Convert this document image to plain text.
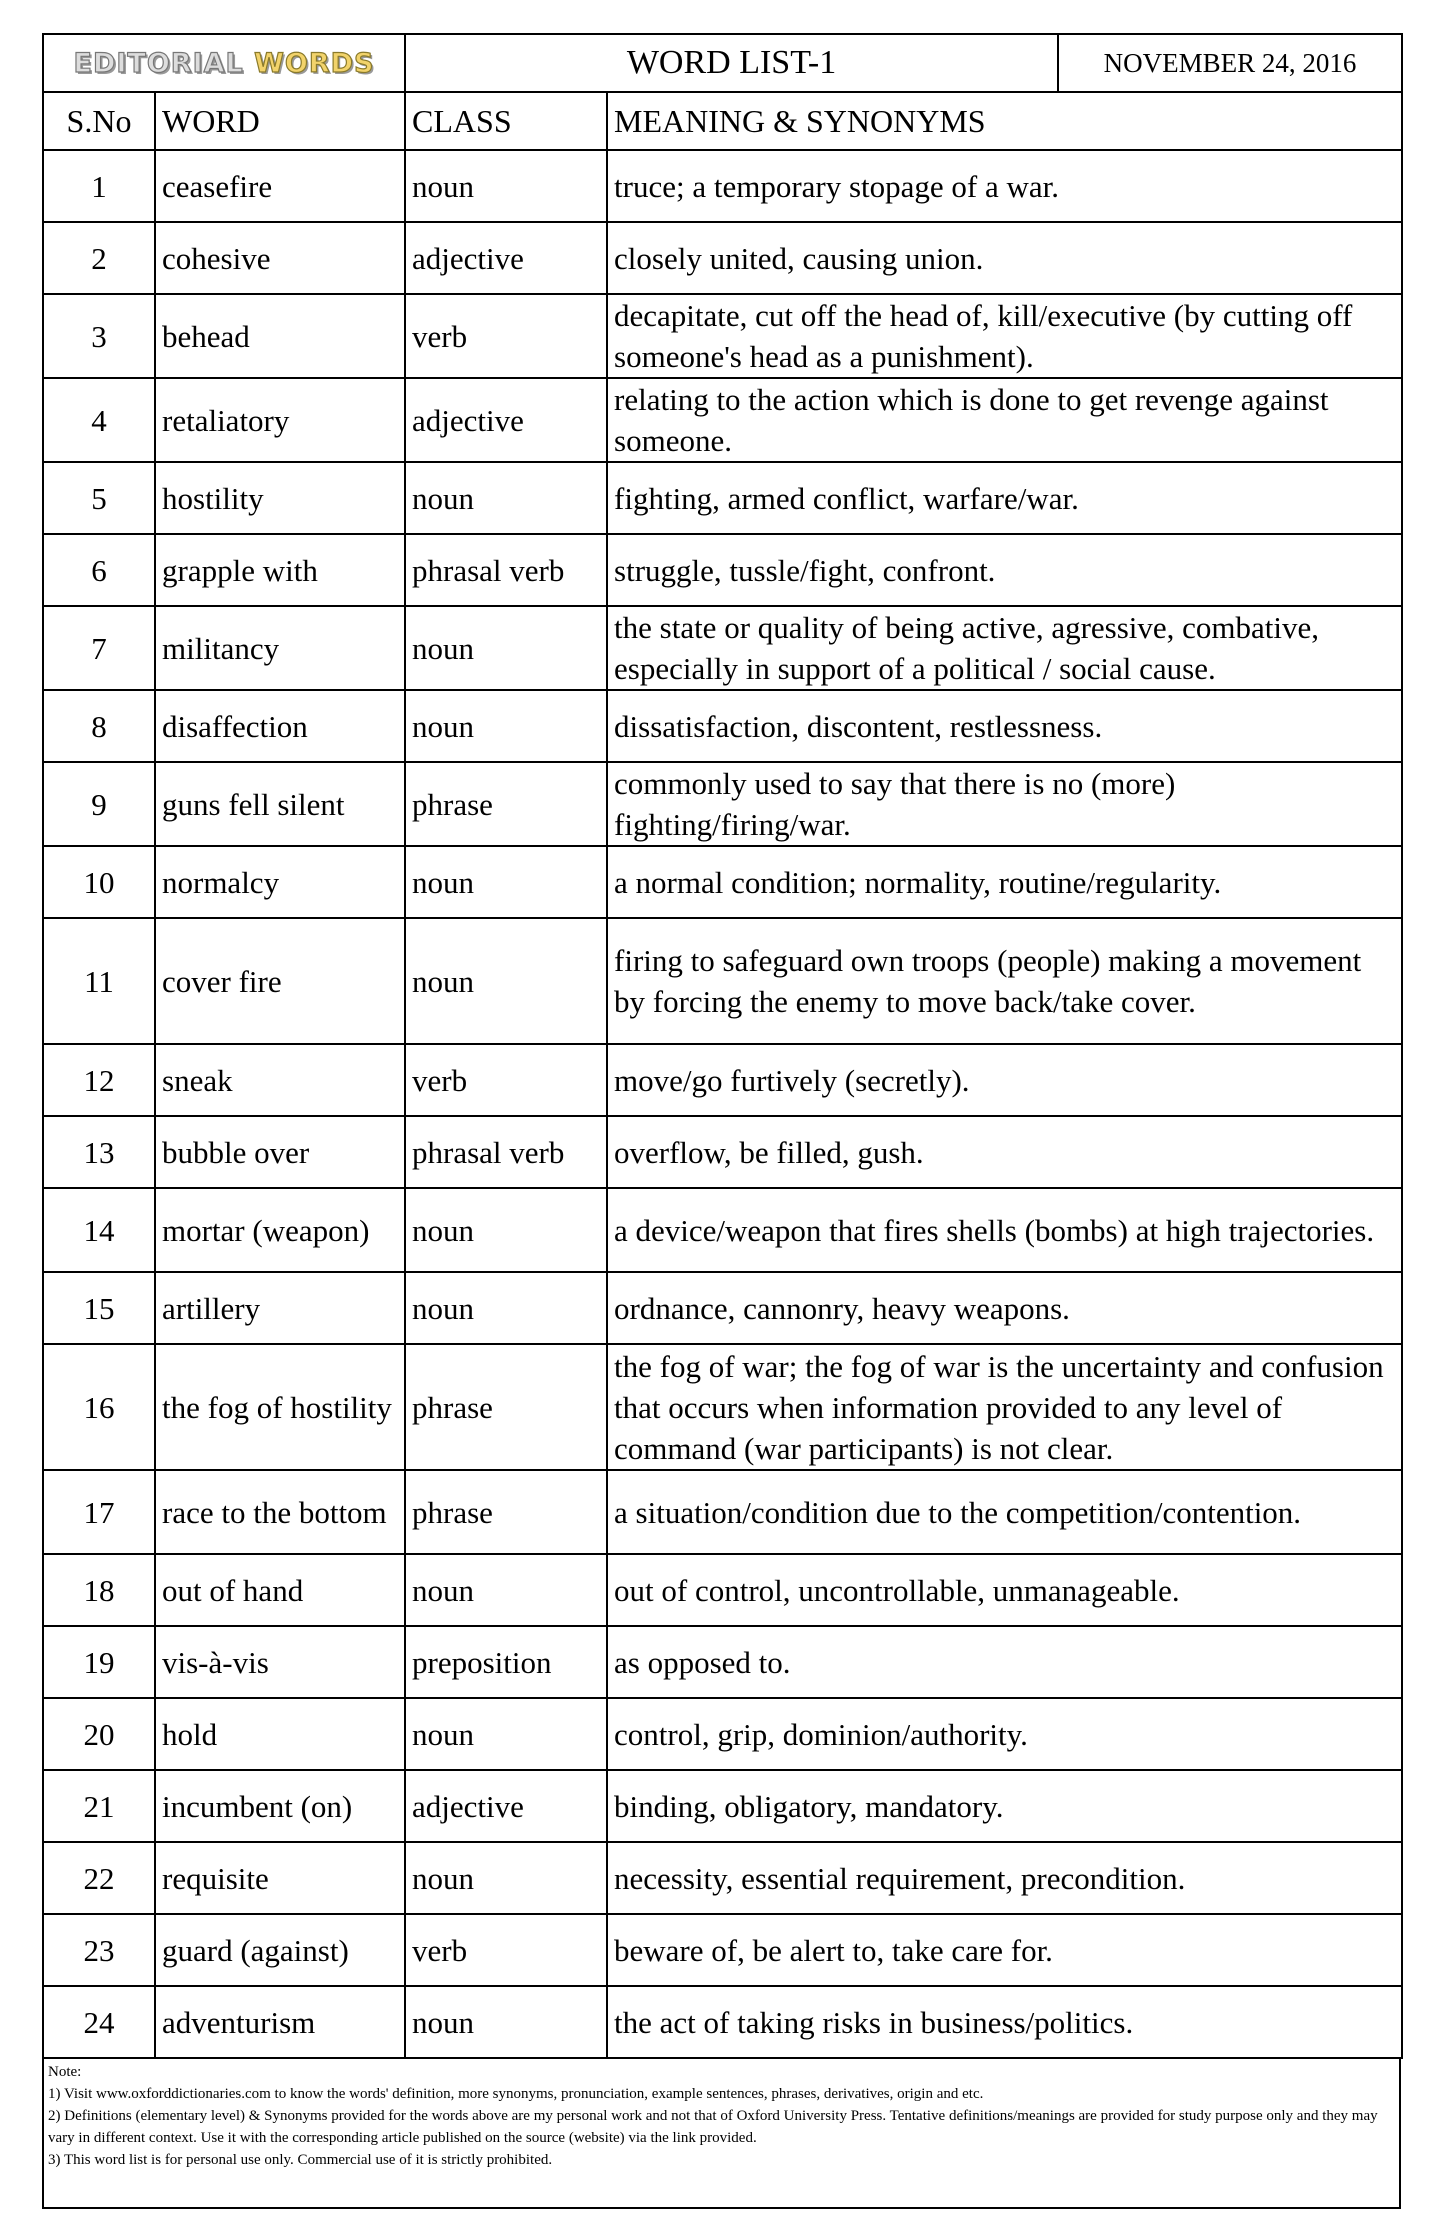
EDITORIAL WORDS		WORD LIST-1		NOVEMBER 24, 2016
S.No	WORD	CLASS	MEANING & SYNONYMS	
1	ceasefire	noun	truce; a temporary stopage of a war.	
2	cohesive	adjective	closely united, causing union.	
3	behead	verb	decapitate, cut off the head of, kill/executive (by cutting off someone's head as a punishment).	
4	retaliatory	adjective	relating to the action which is done to get revenge against someone.	
5	hostility	noun	fighting, armed conflict, warfare/war.	
6	grapple with	phrasal verb	struggle, tussle/fight, confront.	
7	militancy	noun	the state or quality of being active, agressive, combative, especially in support of a political / social cause.	
8	disaffection	noun	dissatisfaction, discontent, restlessness.	
9	guns fell silent	phrase	commonly used to say that there is no (more) fighting/firing/war.	
10	normalcy	noun	a normal condition; normality, routine/regularity.	
11	cover fire	noun	firing to safeguard own troops (people) making a movement by forcing the enemy to move back/take cover.	
12	sneak	verb	move/go furtively (secretly).	
13	bubble over	phrasal verb	overflow, be filled, gush.	
14	mortar (weapon)	noun	a device/weapon that fires shells (bombs) at high trajectories.	
15	artillery	noun	ordnance, cannonry, heavy weapons.	
16	the fog of hostility	phrase	the fog of war; the fog of war is the uncertainty and confusion that occurs when information provided to any level of command (war participants) is not clear.	
17	race to the bottom	phrase	a situation/condition due to the competition/contention.	
18	out of hand	noun	out of control, uncontrollable, unmanageable.	
19	vis-à-vis	preposition	as opposed to.	
20	hold	noun	control, grip, dominion/authority.	
21	incumbent (on)	adjective	binding, obligatory, mandatory.	
22	requisite	noun	necessity, essential requirement, precondition.	
23	guard (against)	verb	beware of, be alert to, take care for.	
24	adventurism	noun	the act of taking risks in business/politics.	
Note:
1) Visit www.oxforddictionaries.com to know the words' definition, more synonyms, pronunciation, example sentences, phrases, derivatives, origin and etc.
2) Definitions (elementary level) & Synonyms provided for the words above are my personal work and not that of Oxford University Press. Tentative definitions/meanings are provided for study purpose only and they may vary in different context. Use it with the corresponding article published on the source (website) via the link provided.
3) This word list is for personal use only. Commercial use of it is strictly prohibited.
